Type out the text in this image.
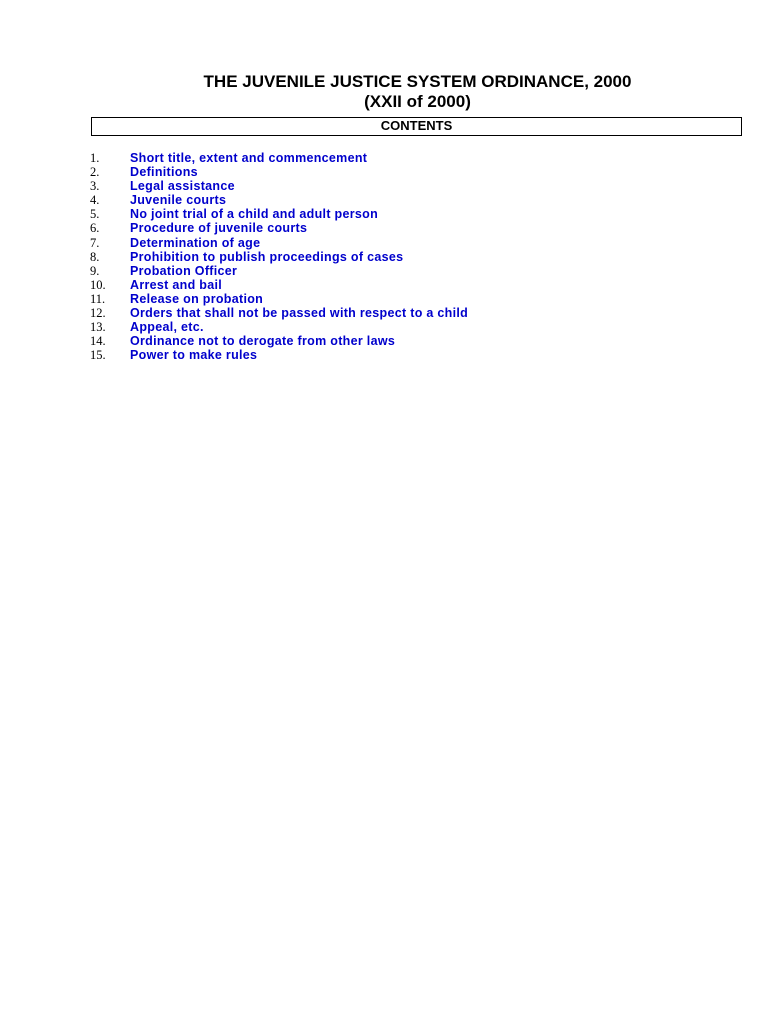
THE JUVENILE JUSTICE SYSTEM ORDINANCE, 2000
(XXII of 2000)
CONTENTS
1. Short title, extent and commencement
2. Definitions
3. Legal assistance
4. Juvenile courts
5. No joint trial of a child and adult person
6. Procedure of juvenile courts
7. Determination of age
8. Prohibition to publish proceedings of cases
9. Probation Officer
10. Arrest and bail
11. Release on probation
12. Orders that shall not be passed with respect to a child
13. Appeal, etc.
14. Ordinance not to derogate from other laws
15. Power to make rules
